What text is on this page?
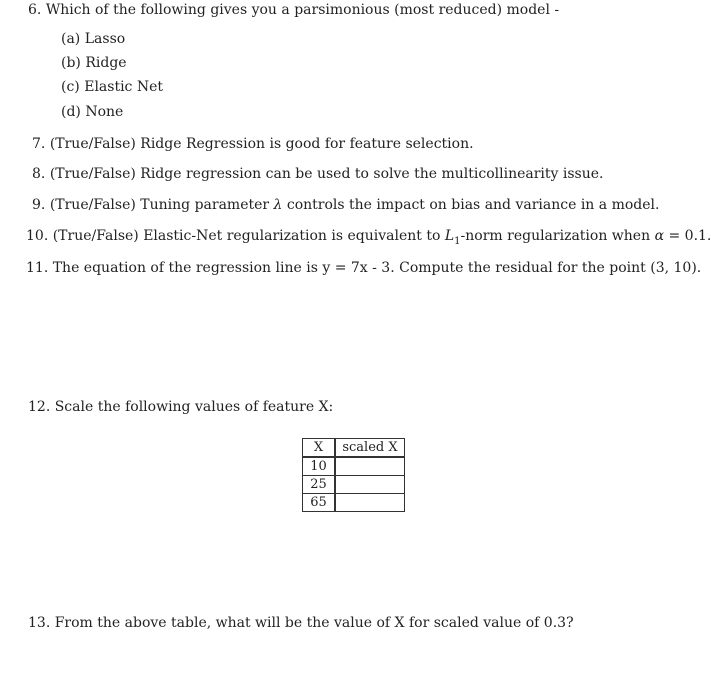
6. Which of the following gives you a parsimonious (most reduced) model -
(a) Lasso
(b) Ridge
(c) Elastic Net
(d) None
7. (True/False) Ridge Regression is good for feature selection.
8. (True/False) Ridge regression can be used to solve the multicollinearity issue.
9. (True/False) Tuning parameter λ controls the impact on bias and variance in a model.
10. (True/False) Elastic-Net regularization is equivalent to $L_1$-norm regularization when α = 0.1.
11. The equation of the regression line is y = 7x - 3. Compute the residual for the point (3, 10).
12. Scale the following values of feature X:
X	scaled X
10	
25	
65	
13. From the above table, what will be the value of X for scaled value of 0.3?
